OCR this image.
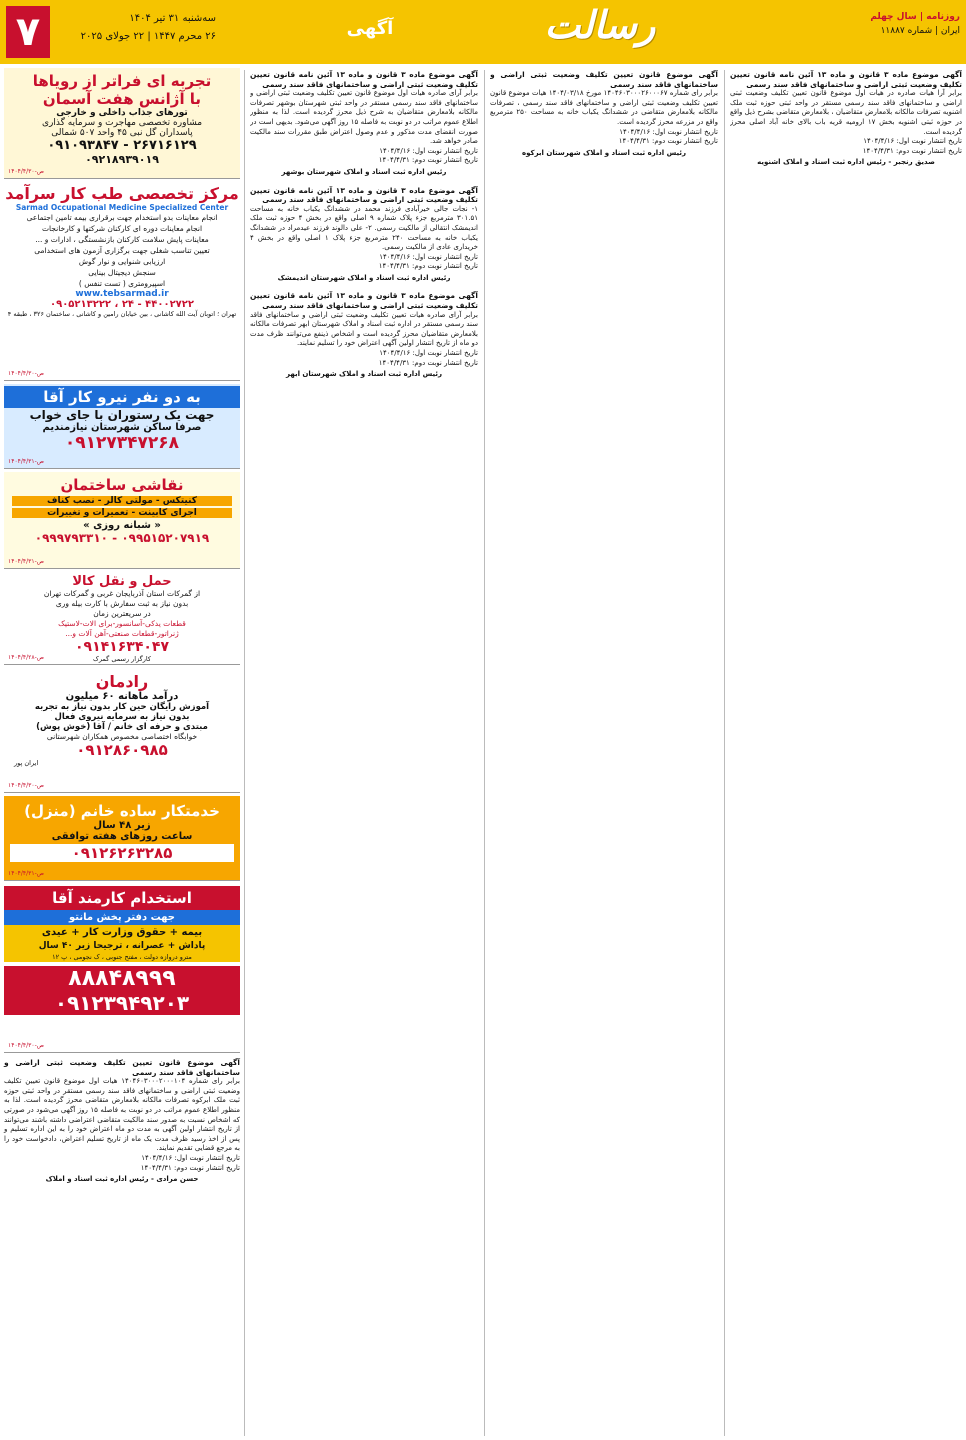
۷	سه‌شنبه ۳۱ تیر ۱۴۰۴
۲۶ محرم ۱۴۴۷ | ۲۲ جولای ۲۰۲۵	آگهی	رسالت	روزنامه | سال چهلم
ایران | شماره ۱۱۸۸۷

تجربه ای فراتر از رویاها

با آژانس هفت آسمان

تورهای جذاب داخلی و خارجی

مشاوره تخصصی مهاجرت و سرمایه گذاری

پاسداران گل نبی ۴۵ واحد ۵۰۷ شمالی

۲۶۷۱۶۱۲۹ - ۰۹۱۰۹۳۸۴۷

۰۹۲۱۸۹۳۹۰۱۹

ص-۱۴۰۴/۴/۳۰

مرکز تخصصی طب کار سرآمد

Sarmad Occupational Medicine Specialized Center

انجام معاینات بدو استخدام جهت برقراری بیمه تامین اجتماعی

انجام معاینات دوره ای کارکنان شرکتها و کارخانجات

معاینات پایش سلامت کارکنان بازنشستگی ، ادارات و ...

تعیین تناسب شغلی جهت برگزاری آزمون های استخدامی

ارزیابی شنوایی و نوار گوش

سنجش دیجیتال بینایی

اسپیرومتری ( تست تنفس )

www.tebsarmad.ir

۴۴۰۰۲۷۲۲ - ۲۴ ، ۰۹۰۵۲۱۳۲۲۲

تهران ؛ اتوبان آیت الله کاشانی ، بین خیابان رامین و کاشانی ، ساختمان ۳۲۶ ، طبقه ۴

ص-۱۴۰۴/۴/۳۰

به دو نفر نیرو کار آقا

جهت یک رستوران با جای خواب

صرفا ساکن شهرستان نیازمندیم

۰۹۱۲۷۳۴۷۲۶۸

ص-۱۴۰۴/۴/۳۱

نقاشی ساختمان

کنیتکس - مولتی کالر - نصب کناف

اجرای کابینت - تعمیرات و تغییرات

« شبانه روزی »

۰۹۹۵۱۵۲۰۷۹۱۹ - ۰۹۹۹۷۹۳۳۱۰

ص-۱۴۰۴/۴/۳۱

حمل و نقل کالا

از گمرکات استان آذربایجان غربی و گمرکات تهران

بدون نیاز به ثبت سفارش با کارت بیله وری

در سریعترین زمان

قطعات یدکی-آسانسور-برای الات-لاستیک

ژنراتور-قطعات صنعتی-آهن آلات و...

۰۹۱۴۱۶۳۴۰۴۷

کارگزار رسمی گمرک

ص-۱۴۰۴/۴/۲۸

رادمان

درآمد ماهانه ۶۰ میلیون

آموزش رایگان حین کار بدون نیاز به تجربه

بدون نیاز به سرمایه نیروی فعال

مبتدی و حرفه ای خانم / آقا (خوش پوش)

خوابگاه اختصاصی مخصوص همکاران شهرستانی

۰۹۱۲۸۶۰۹۸۵

ایران پور

ص-۱۴۰۴/۴/۳۰

خدمتکار ساده خانم (منزل)

زیر ۴۸ سال

ساعت روزهای هفته توافقی

۰۹۱۲۶۲۶۳۲۸۵

ص-۱۴۰۴/۴/۳۱

استخدام کارمند آقا

جهت دفتر پخش مانتو

بیمه + حقوق وزارت کار + عیدی

پاداش + عصرانه ، ترجیحا زیر ۴۰ سال

مترو دروازه دولت ، مفتح جنوبی ، ک نجومی ، پ ۱۲

۸۸۸۴۸۹۹۹

۰۹۱۲۳۹۴۹۲۰۳

ص-۱۴۰۴/۴/۳۰
آگهی موضوع قانون تعیین تکلیف وضعیت ثبتی اراضی و ساختمانهای فاقد سند رسمی
برابر رای شماره ۱۴۰۴۶۰۳۰۰۰۲۰۰۰۱۰۴ هیات اول موضوع قانون تعیین تکلیف وضعیت ثبتی اراضی و ساختمانهای فاقد سند رسمی مستقر در واحد ثبتی حوزه ثبت ملک ابرکوه تصرفات مالکانه بلامعارض متقاضی محرز گردیده است. لذا به منظور اطلاع عموم مراتب در دو نوبت به فاصله ۱۵ روز آگهی می‌شود در صورتی که اشخاص نسبت به صدور سند مالکیت متقاضی اعتراضی داشته باشند می‌توانند از تاریخ انتشار اولین آگهی به مدت دو ماه اعتراض خود را به این اداره تسلیم و پس از اخذ رسید ظرف مدت یک ماه از تاریخ تسلیم اعتراض، دادخواست خود را به مرجع قضایی تقدیم نمایند.
تاریخ انتشار نوبت اول: ۱۴۰۴/۴/۱۶
تاریخ انتشار نوبت دوم: ۱۴۰۴/۴/۳۱
حسن مرادی - رئیس اداره ثبت اسناد و املاک
آگهی موضوع ماده ۳ قانون و ماده ۱۳ آئین نامه قانون تعیین تکلیف وضعیت ثبتی اراضی و ساختمانهای فاقد سند رسمی
برابر آرای صادره هیات اول موضوع قانون تعیین تکلیف وضعیت ثبتی اراضی و ساختمانهای فاقد سند رسمی مستقر در واحد ثبتی شهرستان بوشهر تصرفات مالکانه بلامعارض متقاضیان به شرح ذیل محرز گردیده است. لذا به منظور اطلاع عموم مراتب در دو نوبت به فاصله ۱۵ روز آگهی می‌شود. بدیهی است در صورت انقضای مدت مذکور و عدم وصول اعتراض طبق مقررات سند مالکیت صادر خواهد شد.
تاریخ انتشار نوبت اول: ۱۴۰۴/۴/۱۶
تاریخ انتشار نوبت دوم: ۱۴۰۴/۴/۳۱
رئیس اداره ثبت اسناد و املاک شهرستان بوشهر
آگهی موضوع ماده ۳ قانون و ماده ۱۳ آئین نامه قانون تعیین تکلیف وضعیت ثبتی اراضی و ساختمانهای فاقد سند رسمی
۱- نجات جالی خیرآبادی فرزند محمد در ششدانگ یکباب خانه به مساحت ۳۰۱.۵۱ مترمربع جزء پلاک شماره ۹ اصلی واقع در بخش ۴ حوزه ثبت ملک اندیمشک انتقالی از مالکیت رسمی. ۲- علی دالوند فرزند عیدمراد در ششدانگ یکباب خانه به مساحت ۲۴۰ مترمربع جزء پلاک ۱ اصلی واقع در بخش ۴ خریداری عادی از مالکیت رسمی.
تاریخ انتشار نوبت اول: ۱۴۰۴/۴/۱۶
تاریخ انتشار نوبت دوم: ۱۴۰۴/۴/۳۱
رئیس اداره ثبت اسناد و املاک شهرستان اندیمشک
آگهی موضوع ماده ۳ قانون و ماده ۱۳ آئین نامه قانون تعیین تکلیف وضعیت ثبتی اراضی و ساختمانهای فاقد سند رسمی
برابر آرای صادره هیات تعیین تکلیف وضعیت ثبتی اراضی و ساختمانهای فاقد سند رسمی مستقر در اداره ثبت اسناد و املاک شهرستان ابهر تصرفات مالکانه بلامعارض متقاضیان محرز گردیده است و اشخاص ذینفع می‌توانند ظرف مدت دو ماه از تاریخ انتشار اولین آگهی اعتراض خود را تسلیم نمایند.
تاریخ انتشار نوبت اول: ۱۴۰۴/۴/۱۶
تاریخ انتشار نوبت دوم: ۱۴۰۴/۴/۳۱
رئیس اداره ثبت اسناد و املاک شهرستان ابهر
آگهی موضوع قانون تعیین تکلیف وضعیت ثبتی اراضی و ساختمانهای فاقد سند رسمی
برابر رای شماره ۱۴۰۴۶۰۳۰۰۰۲۶۰۰۰۶۷ مورخ ۱۴۰۴/۰۳/۱۸ هیات موضوع قانون تعیین تکلیف وضعیت ثبتی اراضی و ساختمانهای فاقد سند رسمی ، تصرفات مالکانه بلامعارض متقاضی در ششدانگ یکباب خانه به مساحت ۲۵۰ مترمربع واقع در مزرعه محرز گردیده است.
تاریخ انتشار نوبت اول: ۱۴۰۴/۴/۱۶
تاریخ انتشار نوبت دوم: ۱۴۰۴/۴/۳۱
رئیس اداره ثبت اسناد و املاک شهرستان ابرکوه
آگهی موضوع ماده ۳ قانون و ماده ۱۳ آئین نامه قانون تعیین تکلیف وضعیت ثبتی اراضی و ساختمانهای فاقد سند رسمی
برابر آرا هیات صادره در هیات اول موضوع قانون تعیین تکلیف وضعیت ثبتی اراضی و ساختمانهای فاقد سند رسمی مستقر در واحد ثبتی حوزه ثبت ملک اشنویه تصرفات مالکانه بلامعارض متقاضیان ، بلامعارض متقاضی بشرح ذیل واقع در حوزه ثبتی اشنویه بخش ۱۷ ارومیه قریه باب بالای خانه آباد اصلی محرز گردیده است.
تاریخ انتشار نوبت اول: ۱۴۰۴/۴/۱۶
تاریخ انتشار نوبت دوم: ۱۴۰۴/۴/۳۱
صدیق رنجبر - رئیس اداره ثبت اسناد و املاک اشنویه
